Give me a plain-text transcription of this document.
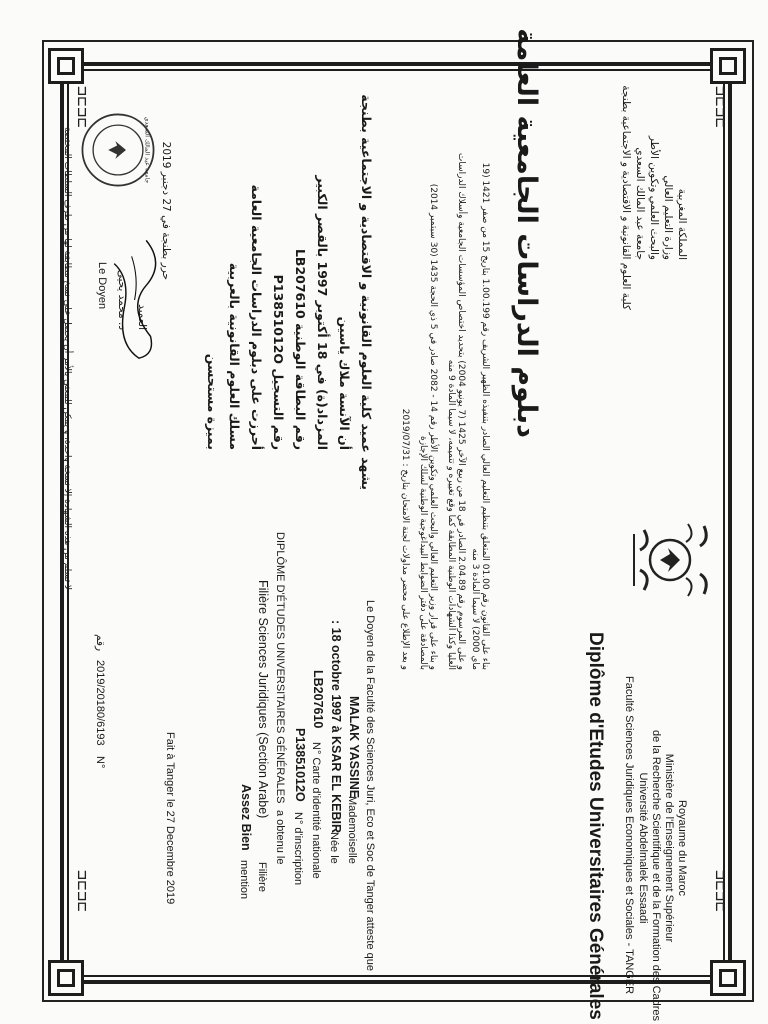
⊐⊏⊐⊏
⊐⊏⊐⊏
⊐⊏⊐⊏
⊐⊏⊐⊏	Royaume du Maroc
Ministère de l'Enseignement Supérieur
de la Recherche Scientifique et de la Formation des Cadres
Université Abdelmalek Essaadi
Faculté Sciences Juridiques Economiques et Sociales - TANGER
Diplôme d'Etudes Universitaires Générales
Le Doyen de la Faculté des Sciences Juri, Eco et Soc de Tanger atteste que
Mademoiselle
MALAK YASSINE
Née le
: 18 octobre 1997 à KSAR EL KEBIR
N° Carte d'identité nationale
LB207610
N° d'inscription
P13851012O
a obtenu le
DIPLÔME D'ÉTUDES UNIVERSITAIRES GÉNÉRALES
Filière
Filière Sciences Juridiques (Section Arabe)
mention
Assez Bien
Fait à Tanger le 27 Decembre 2019
N°
2019/20180/6193
رقم
المملكة المغربية
وزارة التعليم العالي
والبحث العلمي وتكوين الأطر
جامعة عبد المالك السعدي
كلية العلوم القانونية و الاقتصادية و الاجتماعية بطنجة
دبلوم الدراسات الجامعية العامة
بناء على القانون رقم 01.00 المتعلق بتنظيم التعليم العالي الصادر بتنفيذه الظهير الشريف رقم 1.00.199 بتاريخ 15 من صفر 1421 (19 ماي 2000) لا سيما المادة 3 منه
و على المرسوم رقم 2.04.89 الصادر في 18 من ربيع الآخر 1425 (7 يونيو 2004) بتحديد اختصاص المؤسسات الجامعية وأسلاك الدراسات العليا وكذا الشهادات الوطنية المطابقة كما وقع تغييره و تتميمه، لا سيما المادة 9 منه
و بناء على قرار وزير التعليم العالي والبحث العلمي وتكوين الأطر رقم 14 - 2082 صادر في 5 ذي الحجة 1435 (30 سبتمبر 2014) بالمصادقة على دفتر الضوابط البيداغوجية الوطنية لسلك الإجازة
و بعد الإطلاع على محضر مداولات لجنة الامتحان بتاريخ : 2019/07/31
يشهد عميد كلية العلوم القانونية و الاقتصادية و الاجتماعية بطنجة
أن الآنسة ملاك ياسين
المزداد(ة) في 18 أكتوبر 1997 بالقصر الكبير
رقم البطاقة الوطنية LB207610
رقم التسجيل P13851012O
أحرزت على دبلوم الدراسات الجامعية العامة
مسلك العلوم القانونية بالعربية
بميزة مستحسن
حرر بطنجة في 27 دجنبر 2019
العميد
د. محمد يحيى
Le Doyen
لا تسلم من هذه الشهادة إلا نسخة واحدة، و يمكن للمعني بالأمر أن يحصل على نسخ مطابقة لها من طرف السلطات المختصة	جامعة عبد المالك السعدي
